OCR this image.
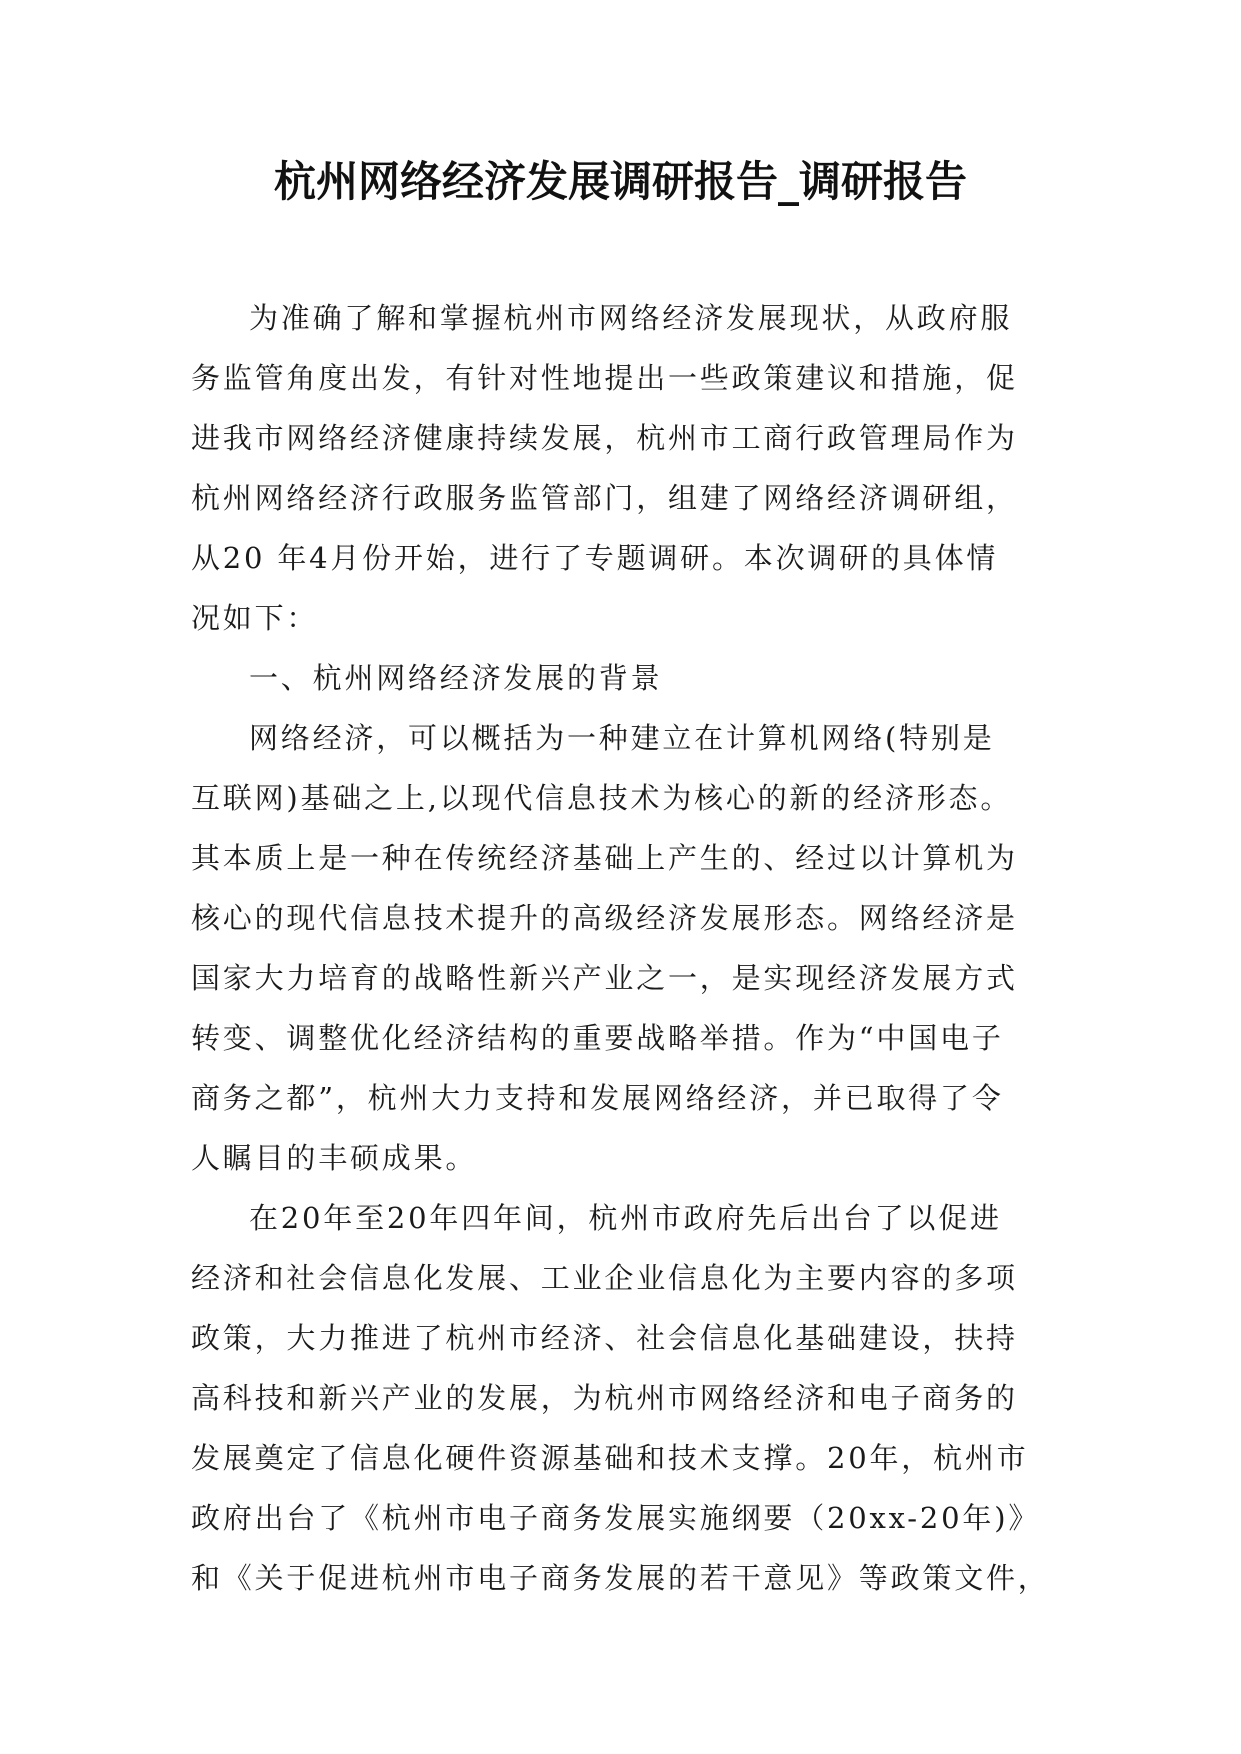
杭州网络经济发展调研报告_调研报告

为准确了解和掌握杭州市网络经济发展现状，从政府服
务监管角度出发，有针对性地提出一些政策建议和措施，促
进我市网络经济健康持续发展，杭州市工商行政管理局作为
杭州网络经济行政服务监管部门，组建了网络经济调研组，
从20 年4月份开始，进行了专题调研。本次调研的具体情
况如下：

一、杭州网络经济发展的背景

网络经济，可以概括为一种建立在计算机网络(特别是
互联网)基础之上,以现代信息技术为核心的新的经济形态。
其本质上是一种在传统经济基础上产生的、经过以计算机为
核心的现代信息技术提升的高级经济发展形态。网络经济是
国家大力培育的战略性新兴产业之一，是实现经济发展方式
转变、调整优化经济结构的重要战略举措。作为“中国电子
商务之都”，杭州大力支持和发展网络经济，并已取得了令
人瞩目的丰硕成果。

在20年至20年四年间，杭州市政府先后出台了以促进
经济和社会信息化发展、工业企业信息化为主要内容的多项
政策，大力推进了杭州市经济、社会信息化基础建设，扶持
高科技和新兴产业的发展，为杭州市网络经济和电子商务的
发展奠定了信息化硬件资源基础和技术支撑。20年，杭州市
政府出台了《杭州市电子商务发展实施纲要（20xx-20年)》
和《关于促进杭州市电子商务发展的若干意见》等政策文件，
